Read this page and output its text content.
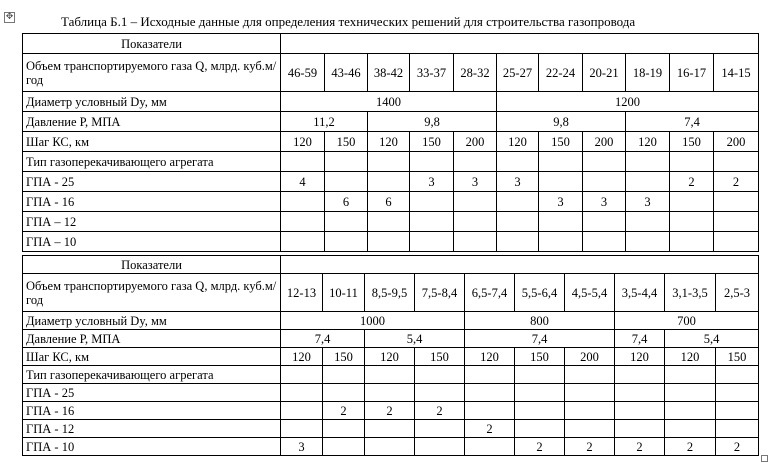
✥	Таблица Б.1 – Исходные данные для определения технических решений для строительства газопровода
Показатели											
Объем транспортируемого газа Q, млрд. куб.м/год	46-59	43-46	38-42	33-37	28-32	25-27	22-24	20-21	18-19	16-17	14-15
Диаметр условный Dy, мм	1400					1200					
Давление Р, МПА	11,2		9,8			9,8			7,4		
Шаг КС, км	120	150	120	150	200	120	150	200	120	150	200
Тип газоперекачивающего агрегата											
ГПА - 25	4			3	3	3				2	2
ГПА - 16		6	6				3	3	3		
ГПА – 12											
ГПА – 10											
Показатели										
Объем транспортируемого газа Q, млрд. куб.м/год	12-13	10-11	8,5-9,5	7,5-8,4	6,5-7,4	5,5-6,4	4,5-5,4	3,5-4,4	3,1-3,5	2,5-3
Диаметр условный Dy, мм	1000				800			700		
Давление Р, МПА	7,4		5,4		7,4			7,4	5,4	
Шаг КС, км	120	150	120	150	120	150	200	120	120	150
Тип газоперекачивающего агрегата										
ГПА - 25										
ГПА - 16		2	2	2						
ГПА - 12					2					
ГПА - 10	3					2	2	2	2	2
